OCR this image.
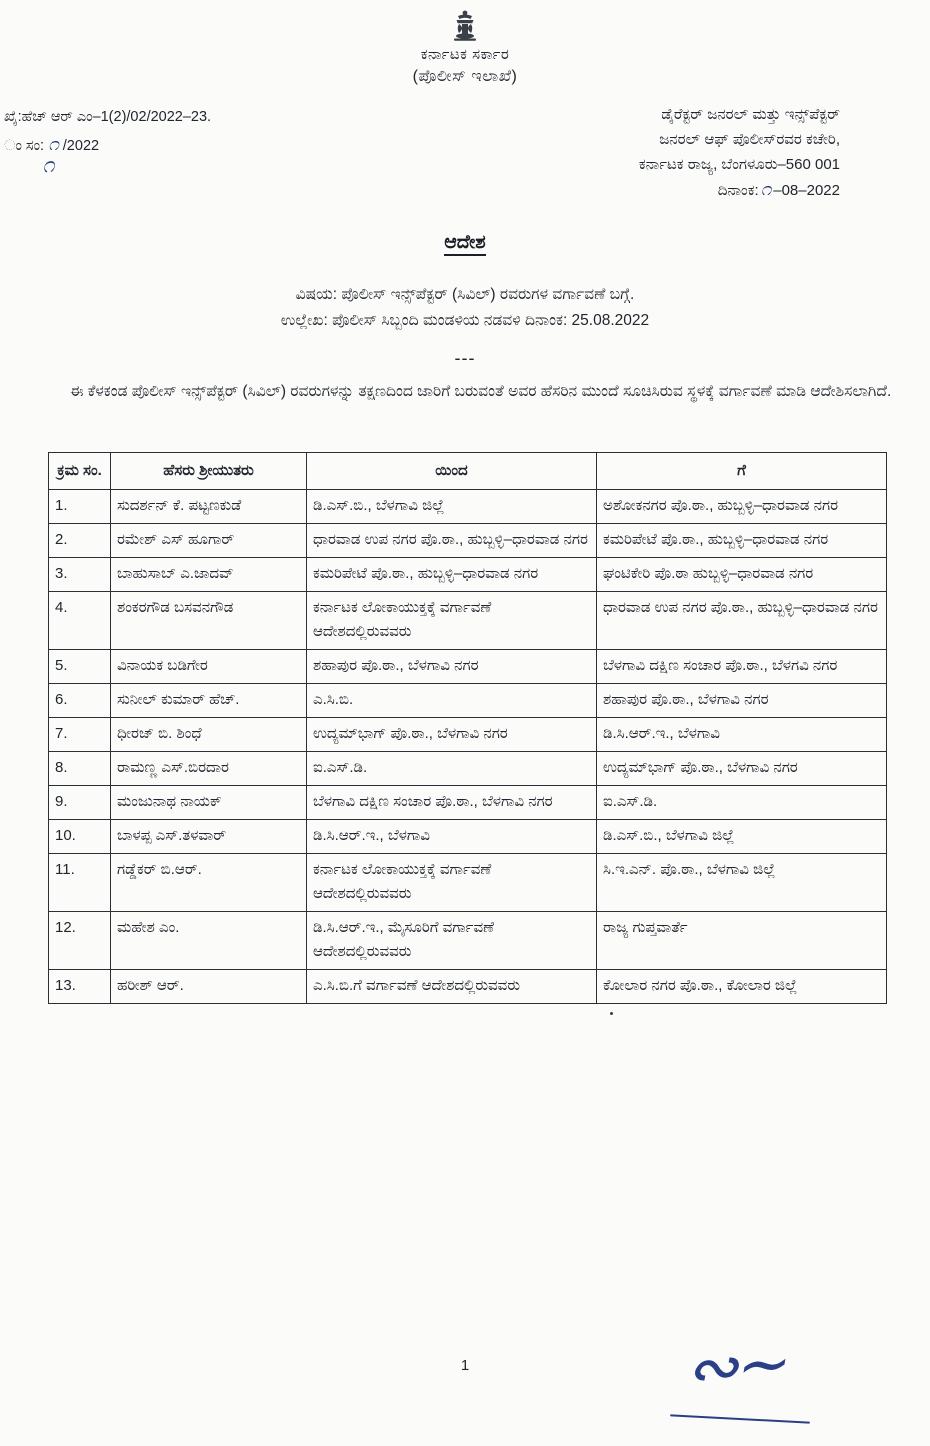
ಕರ್ನಾಟಕ ಸರ್ಕಾರ
(ಪೊಲೀಸ್ ಇಲಾಖೆ)
ಖೈ:ಹೆಚ್ ಆರ್ ಎಂ–1(2)/02/2022–23.
ಂ ಸಂ: ೧ /2022
೧
ಡೈರೆಕ್ಟರ್ ಜನರಲ್ ಮತ್ತು ಇನ್ಸ್‌ಪೆಕ್ಟರ್
ಜನರಲ್ ಆಫ್ ಪೊಲೀಸ್‌ರವರ ಕಚೇರಿ,
ಕರ್ನಾಟಕ ರಾಜ್ಯ, ಬೆಂಗಳೂರು–560 001
ದಿನಾಂಕ: ೧ –08–2022
ಆದೇಶ
ವಿಷಯ: ಪೊಲೀಸ್ ಇನ್ಸ್‌ಪೆಕ್ಟರ್ (ಸಿವಿಲ್) ರವರುಗಳ ವರ್ಗಾವಣೆ ಬಗ್ಗೆ.
ಉಲ್ಲೇಖ: ಪೊಲೀಸ್ ಸಿಬ್ಬಂದಿ ಮಂಡಳಿಯ ನಡವಳಿ ದಿನಾಂಕ: 25.08.2022
---
ಈ ಕೆಳಕಂಡ ಪೊಲೀಸ್ ಇನ್ಸ್‌ಪೆಕ್ಟರ್ (ಸಿವಿಲ್) ರವರುಗಳನ್ನು ತಕ್ಷಣದಿಂದ ಜಾರಿಗೆ ಬರುವಂತೆ ಅವರ ಹೆಸರಿನ ಮುಂದೆ ಸೂಚಿಸಿರುವ ಸ್ಥಳಕ್ಕೆ ವರ್ಗಾವಣೆ ಮಾಡಿ ಆದೇಶಿಸಲಾಗಿದೆ.
ಕ್ರಮ ಸಂ.	ಹೆಸರು ಶ್ರೀಯುತರು	ಯಿಂದ	ಗೆ
1.	ಸುದರ್ಶನ್ ಕೆ. ಪಟ್ಟಣಕುಡೆ	ಡಿ.ಎಸ್.ಬಿ., ಬೆಳಗಾವಿ ಜಿಲ್ಲೆ	ಅಶೋಕನಗರ ಪೊ.ಠಾ., ಹುಬ್ಬಳ್ಳಿ–ಧಾರವಾಡ ನಗರ
2.	ರಮೇಶ್ ಎಸ್ ಹೂಗಾರ್	ಧಾರವಾಡ ಉಪ ನಗರ ಪೊ.ಠಾ., ಹುಬ್ಬಳ್ಳಿ–ಧಾರವಾಡ ನಗರ	ಕಮರಿಪೇಟೆ ಪೊ.ಠಾ., ಹುಬ್ಬಳ್ಳಿ–ಧಾರವಾಡ ನಗರ
3.	ಬಾಹುಸಾಬ್ ಎ.ಜಾದವ್	ಕಮರಿಪೇಟೆ ಪೊ.ಠಾ., ಹುಬ್ಬಳ್ಳಿ–ಧಾರವಾಡ ನಗರ	ಘಂಟಿಕೇರಿ ಪೊ.ಠಾ ಹುಬ್ಬಳ್ಳಿ–ಧಾರವಾಡ ನಗರ
4.	ಶಂಕರಗೌಡ ಬಸವನಗೌಡ	ಕರ್ನಾಟಕ ಲೋಕಾಯುಕ್ತಕ್ಕೆ ವರ್ಗಾವಣೆ ಆದೇಶದಲ್ಲಿರುವವರು	ಧಾರವಾಡ ಉಪ ನಗರ ಪೊ.ಠಾ., ಹುಬ್ಬಳ್ಳಿ–ಧಾರವಾಡ ನಗರ
5.	ವಿನಾಯಕ ಬಡಿಗೇರ	ಶಹಾಪುರ ಪೊ.ಠಾ., ಬೆಳಗಾವಿ ನಗರ	ಬೆಳಗಾವಿ ದಕ್ಷಿಣ ಸಂಚಾರ ಪೊ.ಠಾ., ಬೆಳಗವಿ ನಗರ
6.	ಸುನೀಲ್ ಕುಮಾರ್ ಹೆಚ್.	ಎ.ಸಿ.ಬಿ.	ಶಹಾಪುರ ಪೊ.ಠಾ., ಬೆಳಗಾವಿ ನಗರ
7.	ಧೀರಜ್ ಬಿ. ಶಿಂಧೆ	ಉದ್ಯಮ್‌ಭಾಗ್ ಪೊ.ಠಾ., ಬೆಳಗಾವಿ ನಗರ	ಡಿ.ಸಿ.ಆರ್.ಇ., ಬೆಳಗಾವಿ
8.	ರಾಮಣ್ಣ ಎಸ್.ಬಿರದಾರ	ಐ.ಎಸ್.ಡಿ.	ಉದ್ಯಮ್‌ಭಾಗ್ ಪೊ.ಠಾ., ಬೆಳಗಾವಿ ನಗರ
9.	ಮಂಜುನಾಥ ನಾಯಕ್	ಬೆಳಗಾವಿ ದಕ್ಷಿಣ ಸಂಚಾರ ಪೊ.ಠಾ., ಬೆಳಗಾವಿ ನಗರ	ಐ.ಎಸ್.ಡಿ.
10.	ಬಾಳಪ್ಪ ಎಸ್.ತಳವಾರ್	ಡಿ.ಸಿ.ಆರ್.ಇ., ಬೆಳಗಾವಿ	ಡಿ.ಎಸ್.ಬಿ., ಬೆಳಗಾವಿ ಜಿಲ್ಲೆ
11.	ಗಡ್ಡೆಕರ್ ಬಿ.ಆರ್.	ಕರ್ನಾಟಕ ಲೋಕಾಯುಕ್ತಕ್ಕೆ ವರ್ಗಾವಣೆ ಆದೇಶದಲ್ಲಿರುವವರು	ಸಿ.ಇ.ಎನ್. ಪೊ.ಠಾ., ಬೆಳಗಾವಿ ಜಿಲ್ಲೆ
12.	ಮಹೇಶ ಎಂ.	ಡಿ.ಸಿ.ಆರ್.ಇ., ಮೈಸೂರಿಗೆ ವರ್ಗಾವಣೆ ಆದೇಶದಲ್ಲಿರುವವರು	ರಾಜ್ಯ ಗುಪ್ತವಾರ್ತೆ
13.	ಹರೀಶ್ ಆರ್.	ಎ.ಸಿ.ಬಿ.ಗೆ ವರ್ಗಾವಣೆ ಆದೇಶದಲ್ಲಿರುವವರು	ಕೋಲಾರ ನಗರ ಪೊ.ಠಾ., ಕೋಲಾರ ಜಿಲ್ಲೆ
1	∾∼
